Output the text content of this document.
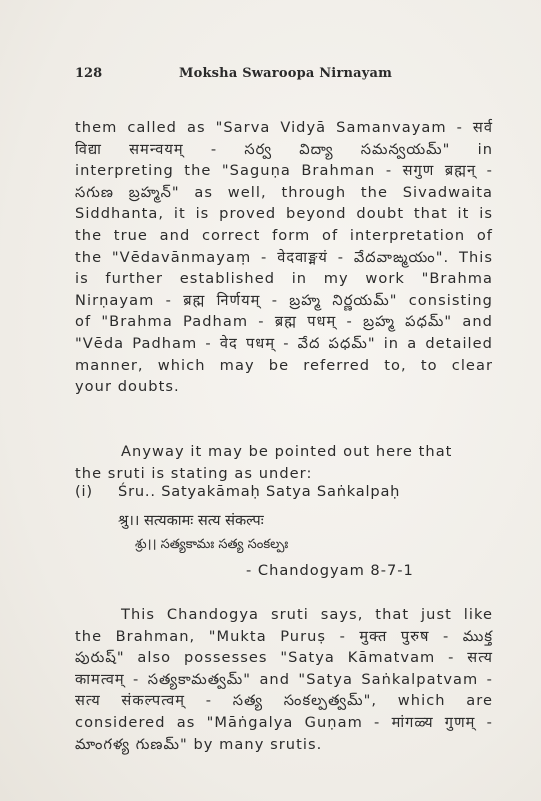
128	Moksha Swaroopa Nirnayam
them called as "Sarva Vidyā Samanvayam - सर्व
विद्या समन्वयम् - సర్వ విద్యా సమన్వయమ్" in
interpreting the "Saguṇa Brahman - सगुण ब्रह्मन् -
సగుణ బ్రహ్మన్" as well, through the Sivadwaita
Siddhanta, it is proved beyond doubt that it is
the true and correct form of interpretation of
the "Vēdavānmayaṃ - वेदवाङ्मयं - వేదవాఙ్మయం". This
is further established in my work "Brahma
Nirṇayam - ब्रह्म निर्णयम् - బ్రహ్మ నిర్ణయమ్" consisting
of "Brahma Padham - ब्रह्म पधम् - బ్రహ్మ పధమ్" and
"Vēda Padham - वेद पधम् - వేద పధమ్" in a detailed
manner, which may be referred to, to clear
your doubts.
Anyway it may be pointed out here that
the sruti is stating as under:
(i) Śru.. Satyakāmaḥ Satya Saṅkalpaḥ
श्रु।। सत्यकामः सत्य संकल्पः
శ్రు।। సత్యకామః సత్య సంకల్పః
- Chandogyam 8-7-1
This Chandogya sruti says, that just like
the Brahman, "Mukta Puruṣ - मुक्त पुरुष - ముక్త
పురుష్" also possesses "Satya Kāmatvam - सत्य
कामत्वम् - సత్యకామత్వమ్" and "Satya Saṅkalpatvam -
सत्य संकल्पत्वम् - సత్య సంకల్పత్వమ్", which are
considered as "Māṅgalya Guṇam - मांगळ्य गुणम् -
మాంగళ్య గుణమ్" by many srutis.
